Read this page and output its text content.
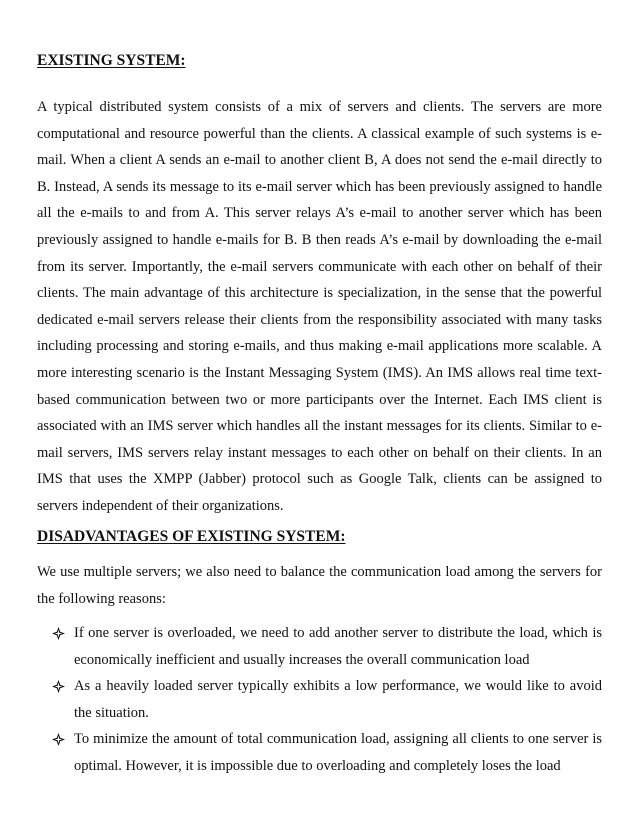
EXISTING SYSTEM:

A typical distributed system consists of a mix of servers and clients. The servers are more computational and resource powerful than the clients. A classical example of such systems is e-mail. When a client A sends an e-mail to another client B, A does not send the e-mail directly to B. Instead, A sends its message to its e-mail server which has been previously assigned to handle all the e-mails to and from A. This server relays A’s e-mail to another server which has been previously assigned to handle e-mails for B. B then reads A’s e-mail by downloading the e-mail from its server. Importantly, the e-mail servers communicate with each other on behalf of their clients. The main advantage of this architecture is specialization, in the sense that the powerful dedicated e-mail servers release their clients from the responsibility associated with many tasks including processing and storing e-mails, and thus making e-mail applications more scalable. A more interesting scenario is the Instant Messaging System (IMS). An IMS allows real time text-based communication between two or more participants over the Internet. Each IMS client is associated with an IMS server which handles all the instant messages for its clients. Similar to e-mail servers, IMS servers relay instant messages to each other on behalf on their clients. In an IMS that uses the XMPP (Jabber) protocol such as Google Talk, clients can be assigned to servers independent of their organizations.

DISADVANTAGES OF EXISTING SYSTEM:

We use multiple servers; we also need to balance the communication load among the servers for the following reasons:

If one server is overloaded, we need to add another server to distribute the load, which is economically inefficient and usually increases the overall communication load
As a heavily loaded server typically exhibits a low performance, we would like to avoid the situation.
To minimize the amount of total communication load, assigning all clients to one server is optimal. However, it is impossible due to overloading and completely loses the load
